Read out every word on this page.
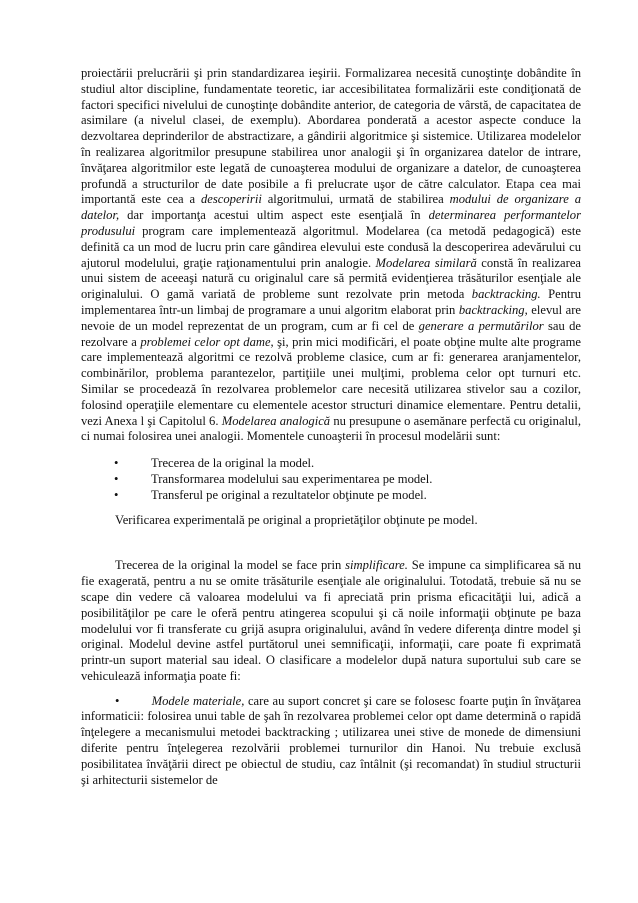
proiectării prelucrării şi prin standardizarea ieşirii. Formalizarea necesită cunoştinţe dobândite în studiul altor discipline, fundamentate teoretic, iar accesibilitatea formalizării este condiţionată de factori specifici nivelului de cunoştinţe dobândite anterior, de categoria de vârstă, de capacitatea de asimilare (a nivelul clasei, de exemplu). Abordarea ponderată a acestor aspecte conduce la dezvoltarea deprinderilor de abstractizare, a gândirii algoritmice şi sistemice. Utilizarea modelelor în realizarea algoritmilor presupune stabilirea unor analogii şi în organizarea datelor de intrare, învăţarea algoritmilor este legată de cunoaşterea modului de organizare a datelor, de cunoaşterea profundă a structurilor de date posibile a fi prelucrate uşor de către calculator. Etapa cea mai importantă este cea a descoperirii algoritmului, urmată de stabilirea modului de organizare a datelor, dar importanţa acestui ultim aspect este esenţială în determinarea performantelor produsului program care implementează algoritmul. Modelarea (ca metodă pedagogică) este definită ca un mod de lucru prin care gândirea elevului este condusă la descoperirea adevărului cu ajutorul modelului, graţie raţionamentului prin analogie. Modelarea similară constă în realizarea unui sistem de aceeaşi natură cu originalul care să permită evidenţierea trăsăturilor esenţiale ale originalului. O gamă variată de probleme sunt rezolvate prin metoda backtracking. Pentru implementarea într-un limbaj de programare a unui algoritm elaborat prin backtracking, elevul are nevoie de un model reprezentat de un program, cum ar fi cel de generare a permutărilor sau de rezolvare a problemei celor opt dame, şi, prin mici modificări, el poate obţine multe alte programe care implementează algoritmi ce rezolvă probleme clasice, cum ar fi: generarea aranjamentelor, combinărilor, problema parantezelor, partiţiile unei mulţimi, problema celor opt turnuri etc. Similar se procedează în rezolvarea problemelor care necesită utilizarea stivelor sau a cozilor, folosind operaţiile elementare cu elementele acestor structuri dinamice elementare. Pentru detalii, vezi Anexa l şi Capitolul 6. Modelarea analogică nu presupune o asemănare perfectă cu originalul, ci numai folosirea unei analogii. Momentele cunoaşterii în procesul modelării sunt:

•	Trecerea de la original la model.
•	Transformarea modelului sau experimentarea pe model.
•	Transferul pe original a rezultatelor obţinute pe model.

Verificarea experimentală pe original a proprietăţilor obţinute pe model.

Trecerea de la original la model se face prin simplificare. Se impune ca simplificarea să nu fie exagerată, pentru a nu se omite trăsăturile esenţiale ale originalului. Totodată, trebuie să nu se scape din vedere că valoarea modelului va fi apreciată prin prisma eficacităţii lui, adică a posibilităţilor pe care le oferă pentru atingerea scopului şi că noile informaţii obţinute pe baza modelului vor fi transferate cu grijă asupra originalului, având în vedere diferenţa dintre model şi original. Modelul devine astfel purtătorul unei semnificaţii, informaţii, care poate fi exprimată printr-un suport material sau ideal. O clasificare a modelelor după natura suportului sub care se vehiculează informaţia poate fi:

•	Modele materiale, care au suport concret şi care se folosesc foarte puţin în învăţarea informaticii: folosirea unui table de şah în rezolvarea problemei celor opt dame determină o rapidă înţelegere a mecanismului metodei backtracking ; utilizarea unei stive de monede de dimensiuni diferite pentru înţelegerea rezolvării problemei turnurilor din Hanoi. Nu trebuie exclusă posibilitatea învăţării direct pe obiectul de studiu, caz întâlnit (şi recomandat) în studiul structurii şi arhitecturii sistemelor de
